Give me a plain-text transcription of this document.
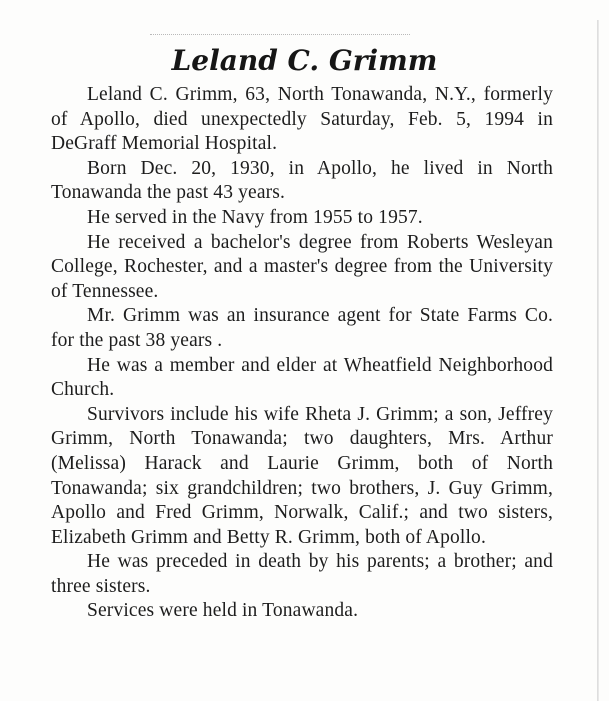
Leland C. Grimm

Leland C. Grimm, 63, North Tonawanda, N.Y., formerly of Apollo, died unexpectedly Saturday, Feb. 5, 1994 in DeGraff Memorial Hospital.

Born Dec. 20, 1930, in Apollo, he lived in North Tonawanda the past 43 years.

He served in the Navy from 1955 to 1957.

He received a bachelor's degree from Roberts Wesleyan College, Rochester, and a master's degree from the University of Tennessee.

Mr. Grimm was an insurance agent for State Farms Co. for the past 38 years .

He was a member and elder at Wheatfield Neighborhood Church.

Survivors include his wife Rheta J. Grimm; a son, Jeffrey Grimm, North Tonawanda; two daughters, Mrs. Arthur (Melissa) Harack and Laurie Grimm, both of North Tonawanda; six grandchildren; two brothers, J. Guy Grimm, Apollo and Fred Grimm, Norwalk, Calif.; and two sisters, Elizabeth Grimm and Betty R. Grimm, both of Apollo.

He was preceded in death by his parents; a brother; and three sisters.

Services were held in Tonawanda.
